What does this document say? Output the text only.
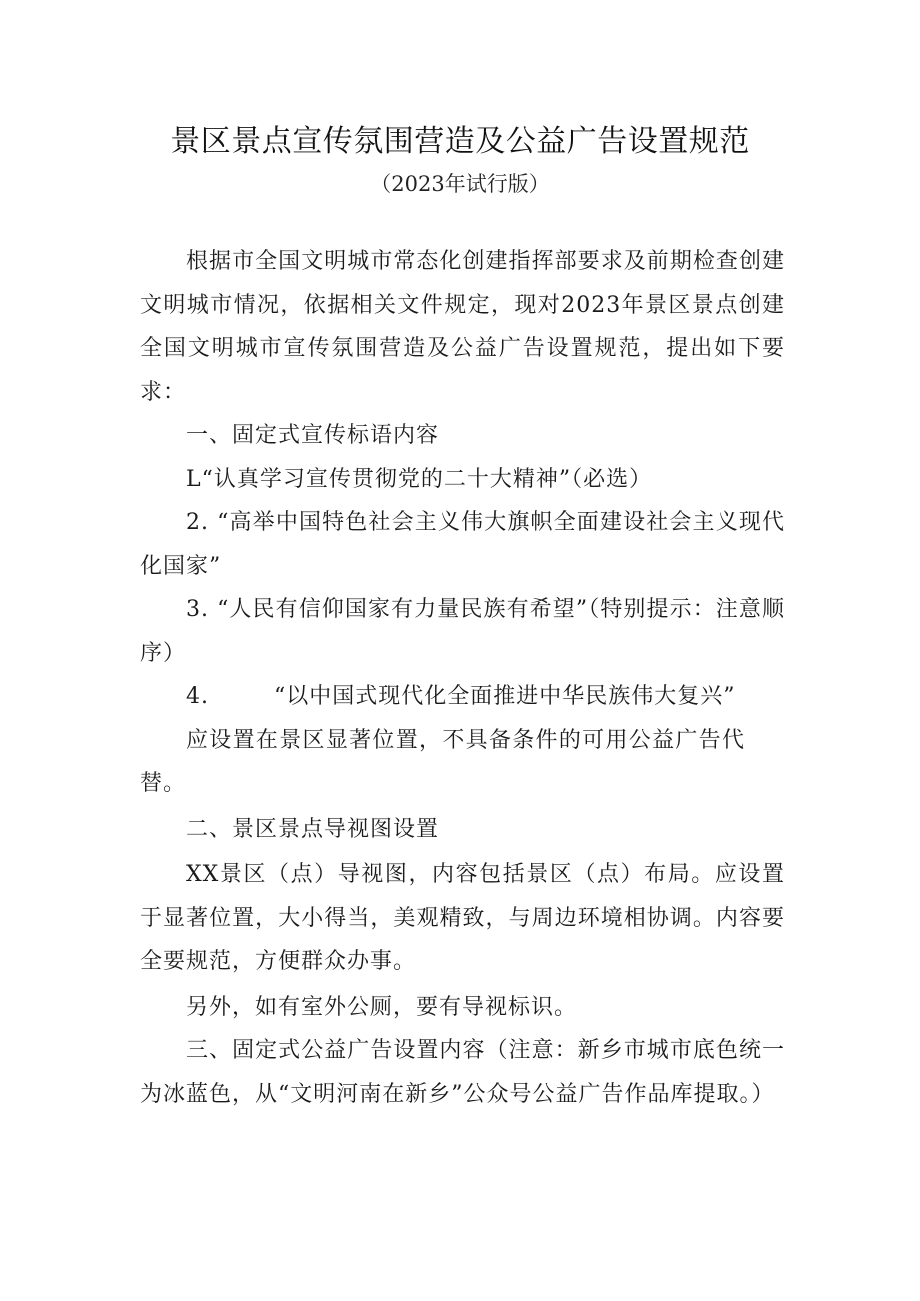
景区景点宣传氛围营造及公益广告设置规范
（2023年试行版）

根据市全国文明城市常态化创建指挥部要求及前期检查创建文明城市情况，依据相关文件规定，现对2023年景区景点创建全国文明城市宣传氛围营造及公益广告设置规范，提出如下要求：

一、固定式宣传标语内容

L“认真学习宣传贯彻党的二十大精神”（必选）

2. “高举中国特色社会主义伟大旗帜全面建设社会主义现代化国家”

3. “人民有信仰国家有力量民族有希望”（特别提示：注意顺序）

4.	“以中国式现代化全面推进中华民族伟大复兴”

应设置在景区显著位置，不具备条件的可用公益广告代替。

二、景区景点导视图设置

XX景区（点）导视图，内容包括景区（点）布局。应设置于显著位置，大小得当，美观精致，与周边环境相协调。内容要全要规范，方便群众办事。

另外，如有室外公厕，要有导视标识。

三、固定式公益广告设置内容（注意：新乡市城市底色统一为冰蓝色，从“文明河南在新乡”公众号公益广告作品库提取。）
